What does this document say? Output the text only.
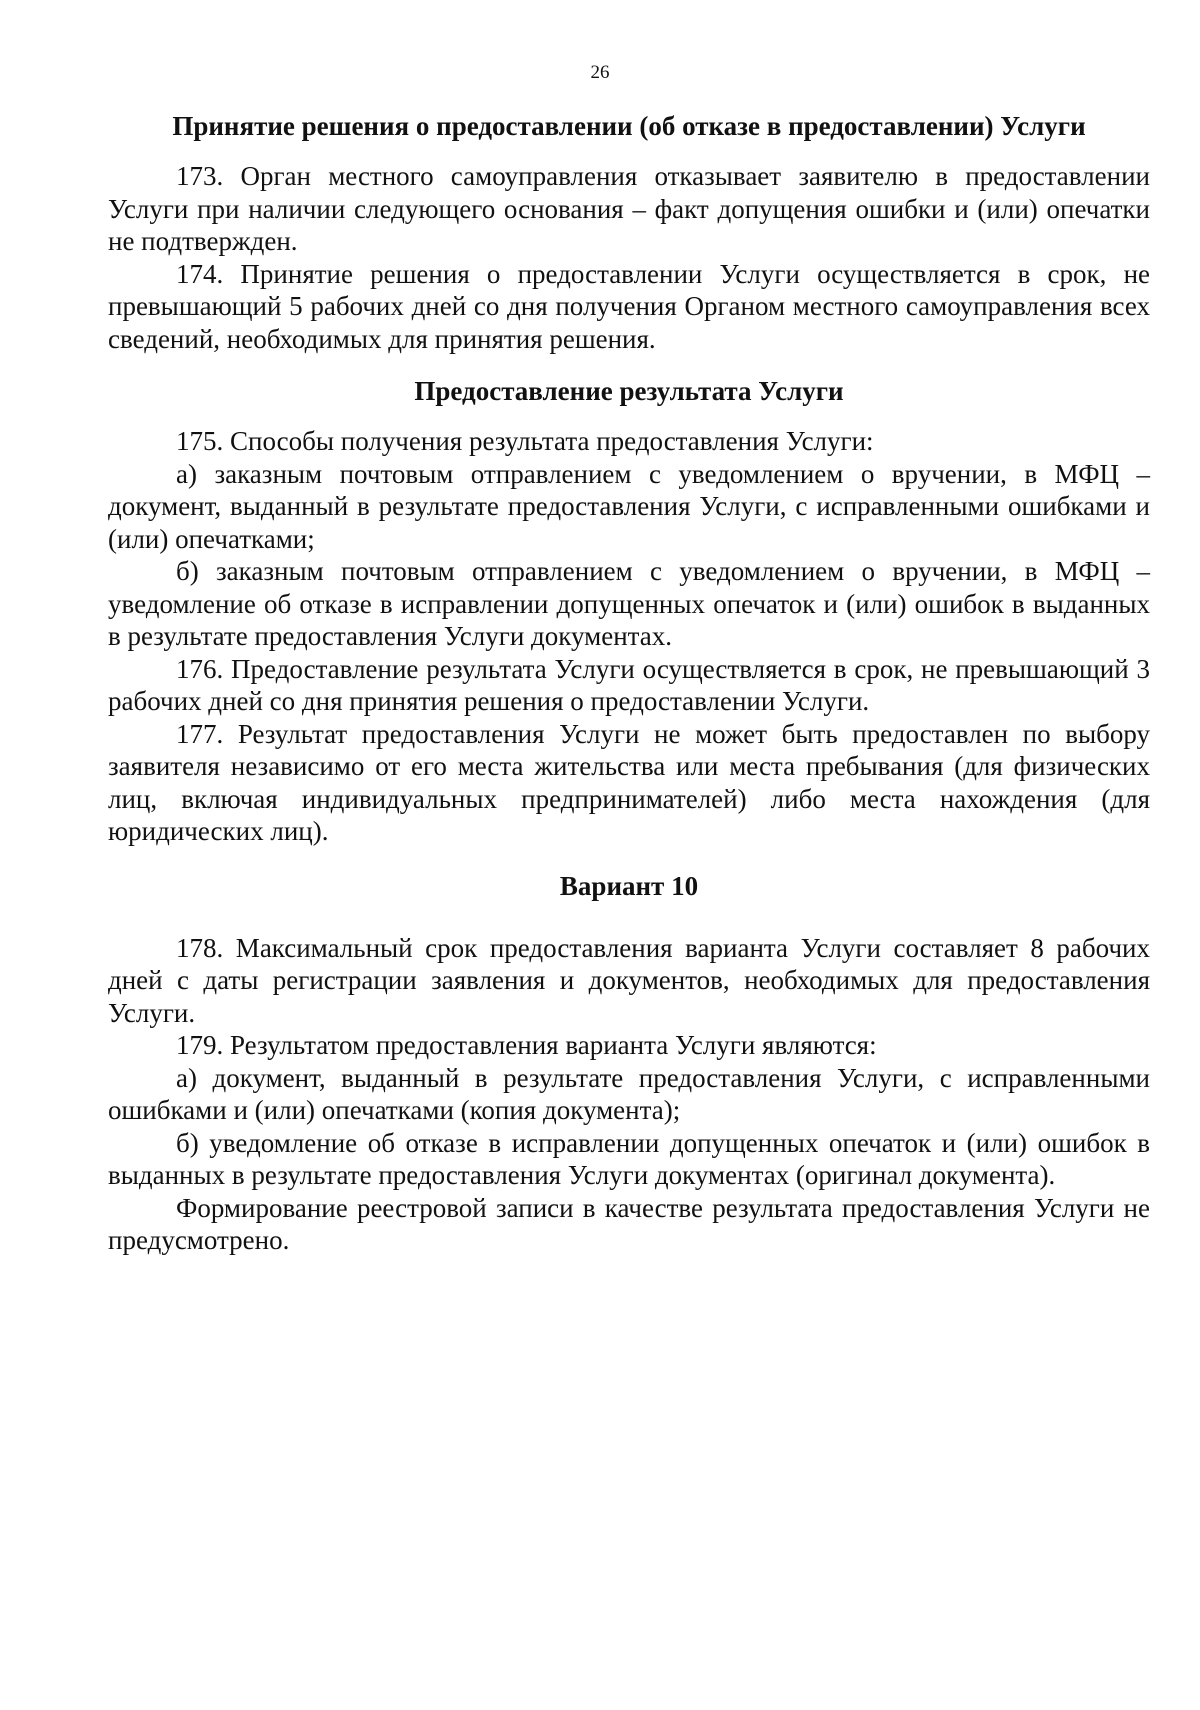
26
Принятие решения о предоставлении (об отказе в предоставлении) Услуги

173. Орган местного самоуправления отказывает заявителю в предоставлении Услуги при наличии следующего основания – факт допущения ошибки и (или) опечатки не подтвержден.

174. Принятие решения о предоставлении Услуги осуществляется в срок, не превышающий 5 рабочих дней со дня получения Органом местного самоуправления всех сведений, необходимых для принятия решения.

Предоставление результата Услуги

175. Способы получения результата предоставления Услуги:

а) заказным почтовым отправлением с уведомлением о вручении, в МФЦ – документ, выданный в результате предоставления Услуги, с исправленными ошибками и (или) опечатками;

б) заказным почтовым отправлением с уведомлением о вручении, в МФЦ – уведомление об отказе в исправлении допущенных опечаток и (или) ошибок в выданных в результате предоставления Услуги документах.

176. Предоставление результата Услуги осуществляется в срок, не превышающий 3 рабочих дней со дня принятия решения о предоставлении Услуги.

177. Результат предоставления Услуги не может быть предоставлен по выбору заявителя независимо от его места жительства или места пребывания (для физических лиц, включая индивидуальных предпринимателей) либо места нахождения (для юридических лиц).

Вариант 10

178. Максимальный срок предоставления варианта Услуги составляет 8 рабочих дней с даты регистрации заявления и документов, необходимых для предоставления Услуги.

179. Результатом предоставления варианта Услуги являются:

а) документ, выданный в результате предоставления Услуги, с исправленными ошибками и (или) опечатками (копия документа);

б) уведомление об отказе в исправлении допущенных опечаток и (или) ошибок в выданных в результате предоставления Услуги документах (оригинал документа).

Формирование реестровой записи в качестве результата предоставления Услуги не предусмотрено.
